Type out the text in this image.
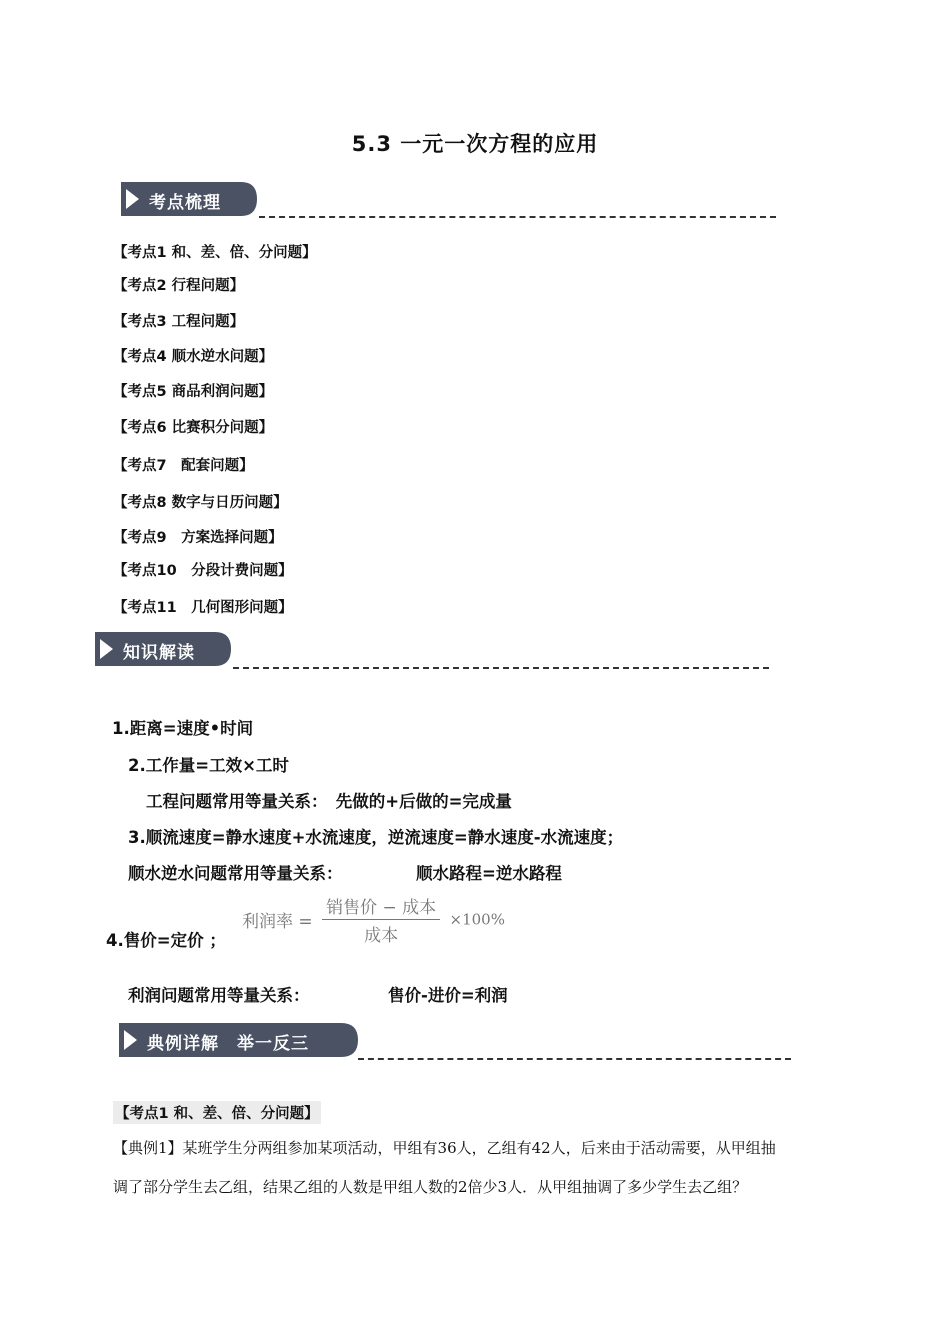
5.3 一元一次方程的应用
考点梳理
【考点1 和、差、倍、分问题】
【考点2 行程问题】
【考点3 工程问题】
【考点4 顺水逆水问题】
【考点5 商品利润问题】
【考点6 比赛积分问题】
【考点7　配套问题】
【考点8 数字与日历问题】
【考点9　方案选择问题】
【考点10　分段计费问题】
【考点11　几何图形问题】
知识解读
1.距离=速度•时间
2.工作量=工效×工时
工程问题常用等量关系：　先做的+后做的=完成量
3.顺流速度=静水速度+水流速度，逆流速度=静水速度-水流速度；
顺水逆水问题常用等量关系：	顺水路程=逆水路程
利润率 = $\frac{\text{销售价 − 成本}}{\text{成本}} \times 100\%$
4.售价=定价 ；
利润问题常用等量关系：	售价-进价=利润
典例详解　举一反三
【考点1 和、差、倍、分问题】
【典例1】某班学生分两组参加某项活动，甲组有36人，乙组有42人，后来由于活动需要，从甲组抽
调了部分学生去乙组，结果乙组的人数是甲组人数的2倍少3人．从甲组抽调了多少学生去乙组？
